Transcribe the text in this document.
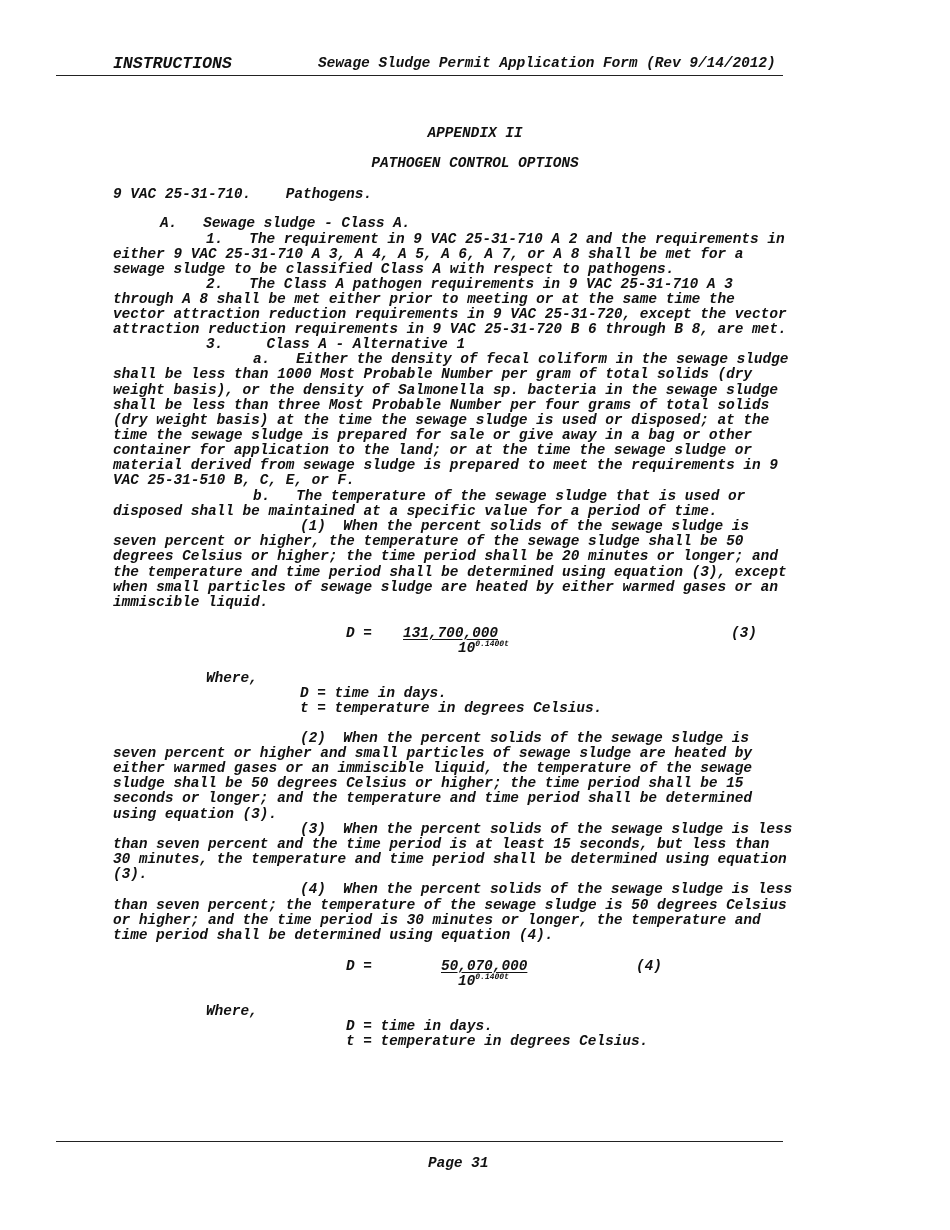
INSTRUCTIONS	Sewage Sludge Permit Application Form (Rev 9/14/2012)
APPENDIX II
PATHOGEN CONTROL OPTIONS
9 VAC 25-31-710.    Pathogens.
A.   Sewage sludge - Class A.
1.   The requirement in 9 VAC 25-31-710 A 2 and the requirements in
either 9 VAC 25-31-710 A 3, A 4, A 5, A 6, A 7, or A 8 shall be met for a
sewage sludge to be classified Class A with respect to pathogens.
2.   The Class A pathogen requirements in 9 VAC 25-31-710 A 3
through A 8 shall be met either prior to meeting or at the same time the
vector attraction reduction requirements in 9 VAC 25-31-720, except the vector
attraction reduction requirements in 9 VAC 25-31-720 B 6 through B 8, are met.
3.     Class A - Alternative 1
a.   Either the density of fecal coliform in the sewage sludge
shall be less than 1000 Most Probable Number per gram of total solids (dry
weight basis), or the density of Salmonella sp. bacteria in the sewage sludge
shall be less than three Most Probable Number per four grams of total solids
(dry weight basis) at the time the sewage sludge is used or disposed; at the
time the sewage sludge is prepared for sale or give away in a bag or other
container for application to the land; or at the time the sewage sludge or
material derived from sewage sludge is prepared to meet the requirements in 9
VAC 25-31-510 B, C, E, or F.
b.   The temperature of the sewage sludge that is used or
disposed shall be maintained at a specific value for a period of time.
(1)  When the percent solids of the sewage sludge is
seven percent or higher, the temperature of the sewage sludge shall be 50
degrees Celsius or higher; the time period shall be 20 minutes or longer; and
the temperature and time period shall be determined using equation (3), except
when small particles of sewage sludge are heated by either warmed gases or an
immiscible liquid.
D = 131,700,000
$10^{0.1400t}$
(3)
Where,
D = time in days.
t = temperature in degrees Celsius.
(2)  When the percent solids of the sewage sludge is
seven percent or higher and small particles of sewage sludge are heated by
either warmed gases or an immiscible liquid, the temperature of the sewage
sludge shall be 50 degrees Celsius or higher; the time period shall be 15
seconds or longer; and the temperature and time period shall be determined
using equation (3).
(3)  When the percent solids of the sewage sludge is less
than seven percent and the time period is at least 15 seconds, but less than
30 minutes, the temperature and time period shall be determined using equation
(3).
(4)  When the percent solids of the sewage sludge is less
than seven percent; the temperature of the sewage sludge is 50 degrees Celsius
or higher; and the time period is 30 minutes or longer, the temperature and
time period shall be determined using equation (4).
D =	50,070,000
$10^{0.1400t}$
(4)
Where,
D = time in days.
t = temperature in degrees Celsius.
Page 31
